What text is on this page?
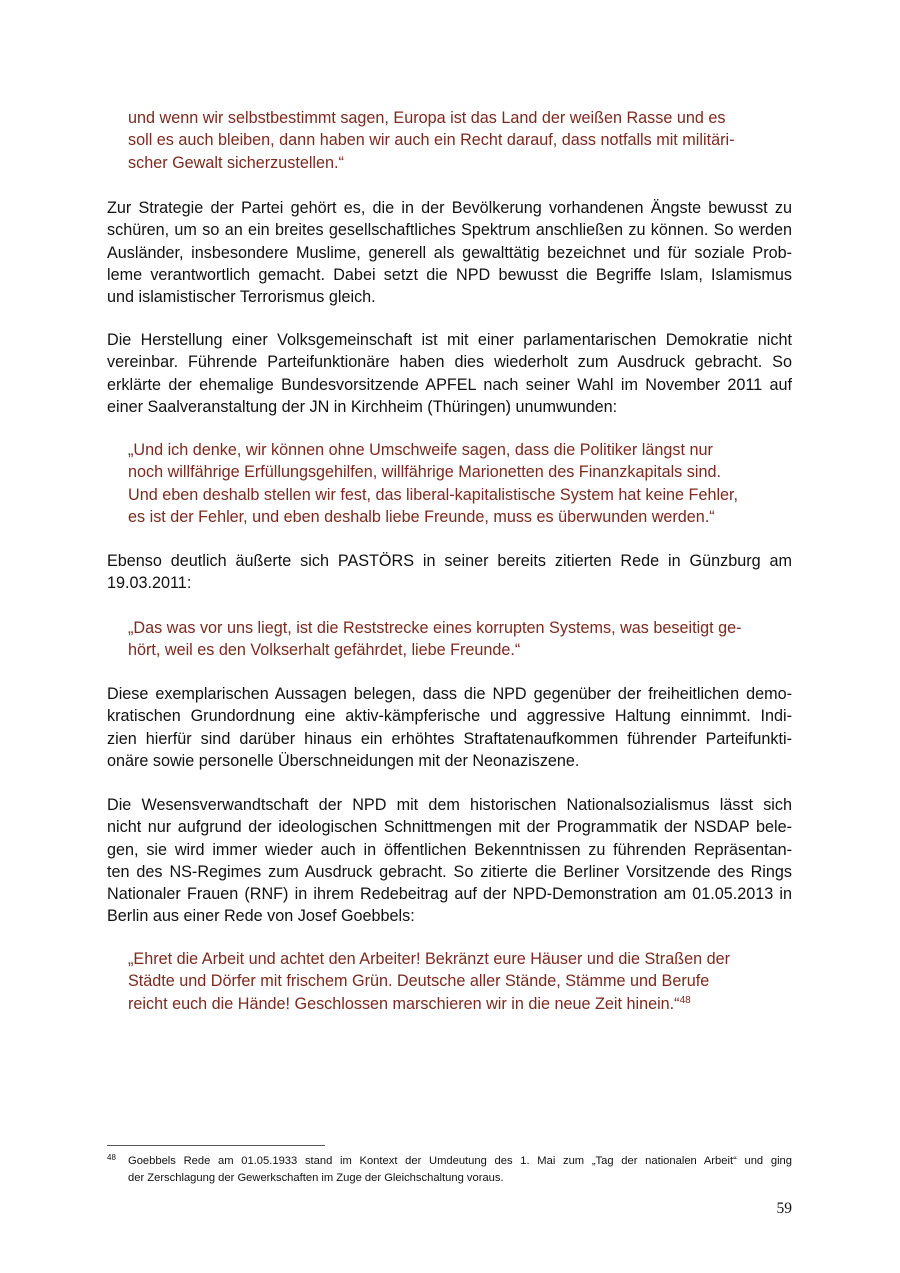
und wenn wir selbstbestimmt sagen, Europa ist das Land der weißen Rasse und es
soll es auch bleiben, dann haben wir auch ein Recht darauf, dass notfalls mit militäri-
scher Gewalt sicherzustellen.“
Zur Strategie der Partei gehört es, die in der Bevölkerung vorhandenen Ängste bewusst zu
schüren, um so an ein breites gesellschaftliches Spektrum anschließen zu können. So werden
Ausländer, insbesondere Muslime, generell als gewalttätig bezeichnet und für soziale Prob-
leme verantwortlich gemacht. Dabei setzt die NPD bewusst die Begriffe Islam, Islamismus
und islamistischer Terrorismus gleich.
Die Herstellung einer Volksgemeinschaft ist mit einer parlamentarischen Demokratie nicht
vereinbar. Führende Parteifunktionäre haben dies wiederholt zum Ausdruck gebracht. So
erklärte der ehemalige Bundesvorsitzende APFEL nach seiner Wahl im November 2011 auf
einer Saalveranstaltung der JN in Kirchheim (Thüringen) unumwunden:
„Und ich denke, wir können ohne Umschweife sagen, dass die Politiker längst nur
noch willfährige Erfüllungsgehilfen, willfährige Marionetten des Finanzkapitals sind.
Und eben deshalb stellen wir fest, das liberal-kapitalistische System hat keine Fehler,
es ist der Fehler, und eben deshalb liebe Freunde, muss es überwunden werden.“
Ebenso deutlich äußerte sich PASTÖRS in seiner bereits zitierten Rede in Günzburg am
19.03.2011:
„Das was vor uns liegt, ist die Reststrecke eines korrupten Systems, was beseitigt ge-
hört, weil es den Volkserhalt gefährdet, liebe Freunde.“
Diese exemplarischen Aussagen belegen, dass die NPD gegenüber der freiheitlichen demo-
kratischen Grundordnung eine aktiv-kämpferische und aggressive Haltung einnimmt. Indi-
zien hierfür sind darüber hinaus ein erhöhtes Straftatenaufkommen führender Parteifunkti-
onäre sowie personelle Überschneidungen mit der Neonaziszene.
Die Wesensverwandtschaft der NPD mit dem historischen Nationalsozialismus lässt sich
nicht nur aufgrund der ideologischen Schnittmengen mit der Programmatik der NSDAP bele-
gen, sie wird immer wieder auch in öffentlichen Bekenntnissen zu führenden Repräsentan-
ten des NS-Regimes zum Ausdruck gebracht. So zitierte die Berliner Vorsitzende des Rings
Nationaler Frauen (RNF) in ihrem Redebeitrag auf der NPD-Demonstration am 01.05.2013 in
Berlin aus einer Rede von Josef Goebbels:
„Ehret die Arbeit und achtet den Arbeiter! Bekränzt eure Häuser und die Straßen der
Städte und Dörfer mit frischem Grün. Deutsche aller Stände, Stämme und Berufe
reicht euch die Hände! Geschlossen marschieren wir in die neue Zeit hinein.“$^{48}$
48 Goebbels Rede am 01.05.1933 stand im Kontext der Umdeutung des 1. Mai zum „Tag der nationalen Arbeit“ und ging
der Zerschlagung der Gewerkschaften im Zuge der Gleichschaltung voraus.
59
